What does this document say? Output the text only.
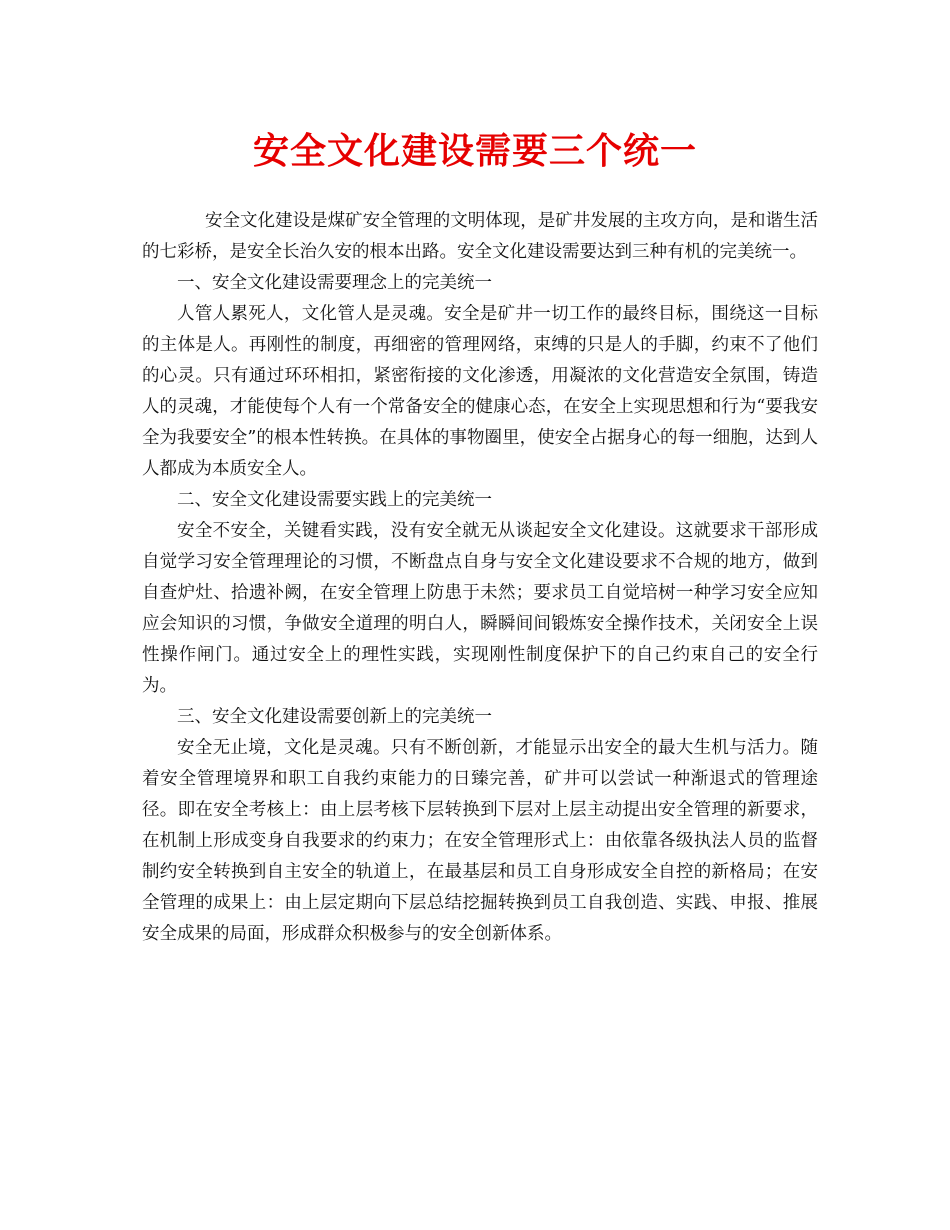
安全文化建设需要三个统一

安全文化建设是煤矿安全管理的文明体现，是矿井发展的主攻方向，是和谐生活的七彩桥，是安全长治久安的根本出路。安全文化建设需要达到三种有机的完美统一。

一、安全文化建设需要理念上的完美统一

人管人累死人，文化管人是灵魂。安全是矿井一切工作的最终目标，围绕这一目标的主体是人。再刚性的制度，再细密的管理网络，束缚的只是人的手脚，约束不了他们的心灵。只有通过环环相扣，紧密衔接的文化渗透，用凝浓的文化营造安全氛围，铸造人的灵魂，才能使每个人有一个常备安全的健康心态，在安全上实现思想和行为“要我安全为我要安全”的根本性转换。在具体的事物圈里，使安全占据身心的每一细胞，达到人人都成为本质安全人。

二、安全文化建设需要实践上的完美统一

安全不安全，关键看实践，没有安全就无从谈起安全文化建设。这就要求干部形成自觉学习安全管理理论的习惯，不断盘点自身与安全文化建设要求不合规的地方，做到自查炉灶、拾遗补阙，在安全管理上防患于未然；要求员工自觉培树一种学习安全应知应会知识的习惯，争做安全道理的明白人，瞬瞬间间锻炼安全操作技术，关闭安全上误性操作闸门。通过安全上的理性实践，实现刚性制度保护下的自己约束自己的安全行为。

三、安全文化建设需要创新上的完美统一

安全无止境，文化是灵魂。只有不断创新，才能显示出安全的最大生机与活力。随着安全管理境界和职工自我约束能力的日臻完善，矿井可以尝试一种渐退式的管理途径。即在安全考核上：由上层考核下层转换到下层对上层主动提出安全管理的新要求，在机制上形成变身自我要求的约束力；在安全管理形式上：由依靠各级执法人员的监督制约安全转换到自主安全的轨道上，在最基层和员工自身形成安全自控的新格局；在安全管理的成果上：由上层定期向下层总结挖掘转换到员工自我创造、实践、申报、推展安全成果的局面，形成群众积极参与的安全创新体系。
